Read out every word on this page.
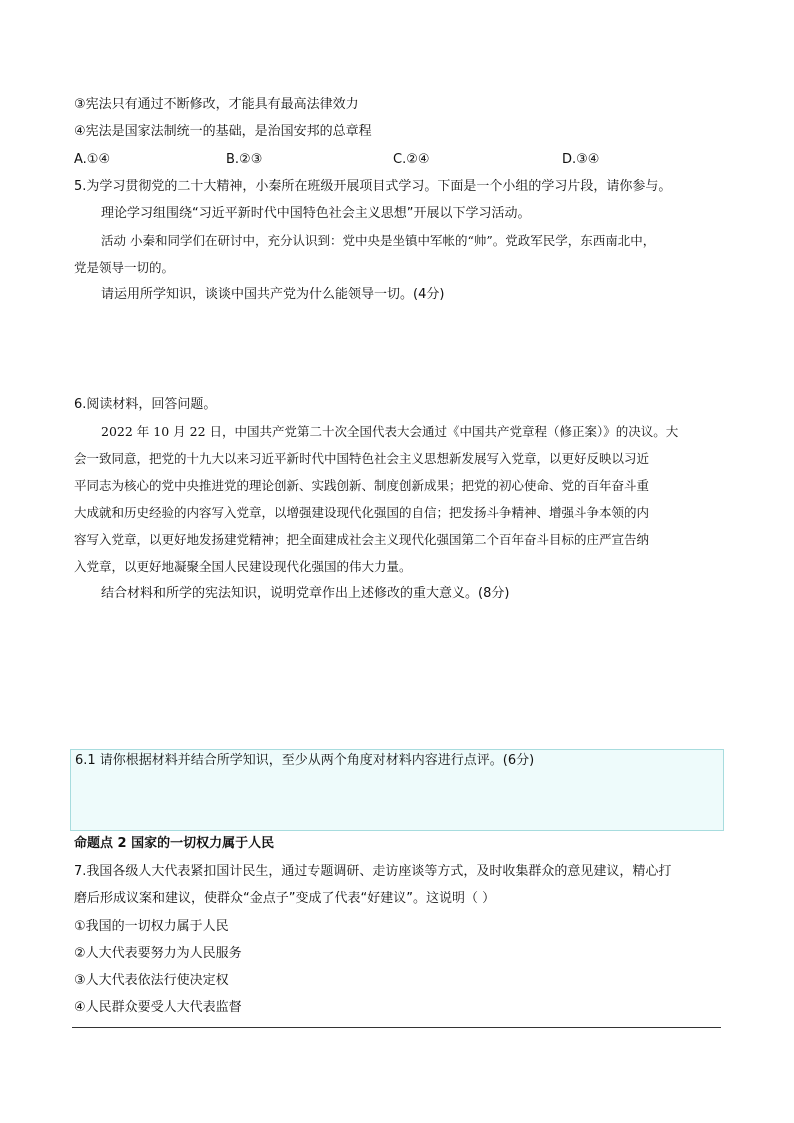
③宪法只有通过不断修改，才能具有最高法律效力
④宪法是国家法制统一的基础，是治国安邦的总章程
A.①④	B.②③	C.②④	D.③④
5.为学习贯彻党的二十大精神，小秦所在班级开展项目式学习。下面是一个小组的学习片段，请你参与。
理论学习组围绕“习近平新时代中国特色社会主义思想”开展以下学习活动。
活动 小秦和同学们在研讨中，充分认识到：党中央是坐镇中军帐的“帅”。党政军民学，东西南北中，
党是领导一切的。
请运用所学知识，谈谈中国共产党为什么能领导一切。(4分)
6.阅读材料，回答问题。
2022 年 10 月 22 日，中国共产党第二十次全国代表大会通过《中国共产党章程（修正案）》的决议。大
会一致同意，把党的十九大以来习近平新时代中国特色社会主义思想新发展写入党章，以更好反映以习近
平同志为核心的党中央推进党的理论创新、实践创新、制度创新成果；把党的初心使命、党的百年奋斗重
大成就和历史经验的内容写入党章，以增强建设现代化强国的自信；把发扬斗争精神、增强斗争本领的内
容写入党章，以更好地发扬建党精神；把全面建成社会主义现代化强国第二个百年奋斗目标的庄严宣告纳
入党章，以更好地凝聚全国人民建设现代化强国的伟大力量。
结合材料和所学的宪法知识，说明党章作出上述修改的重大意义。(8分)
6.1 请你根据材料并结合所学知识，至少从两个角度对材料内容进行点评。(6分)
命题点 2 国家的一切权力属于人民
7.我国各级人大代表紧扣国计民生，通过专题调研、走访座谈等方式，及时收集群众的意见建议，精心打
磨后形成议案和建议，使群众“金点子”变成了代表“好建议”。这说明（ ）
①我国的一切权力属于人民
②人大代表要努力为人民服务
③人大代表依法行使决定权
④人民群众要受人大代表监督
